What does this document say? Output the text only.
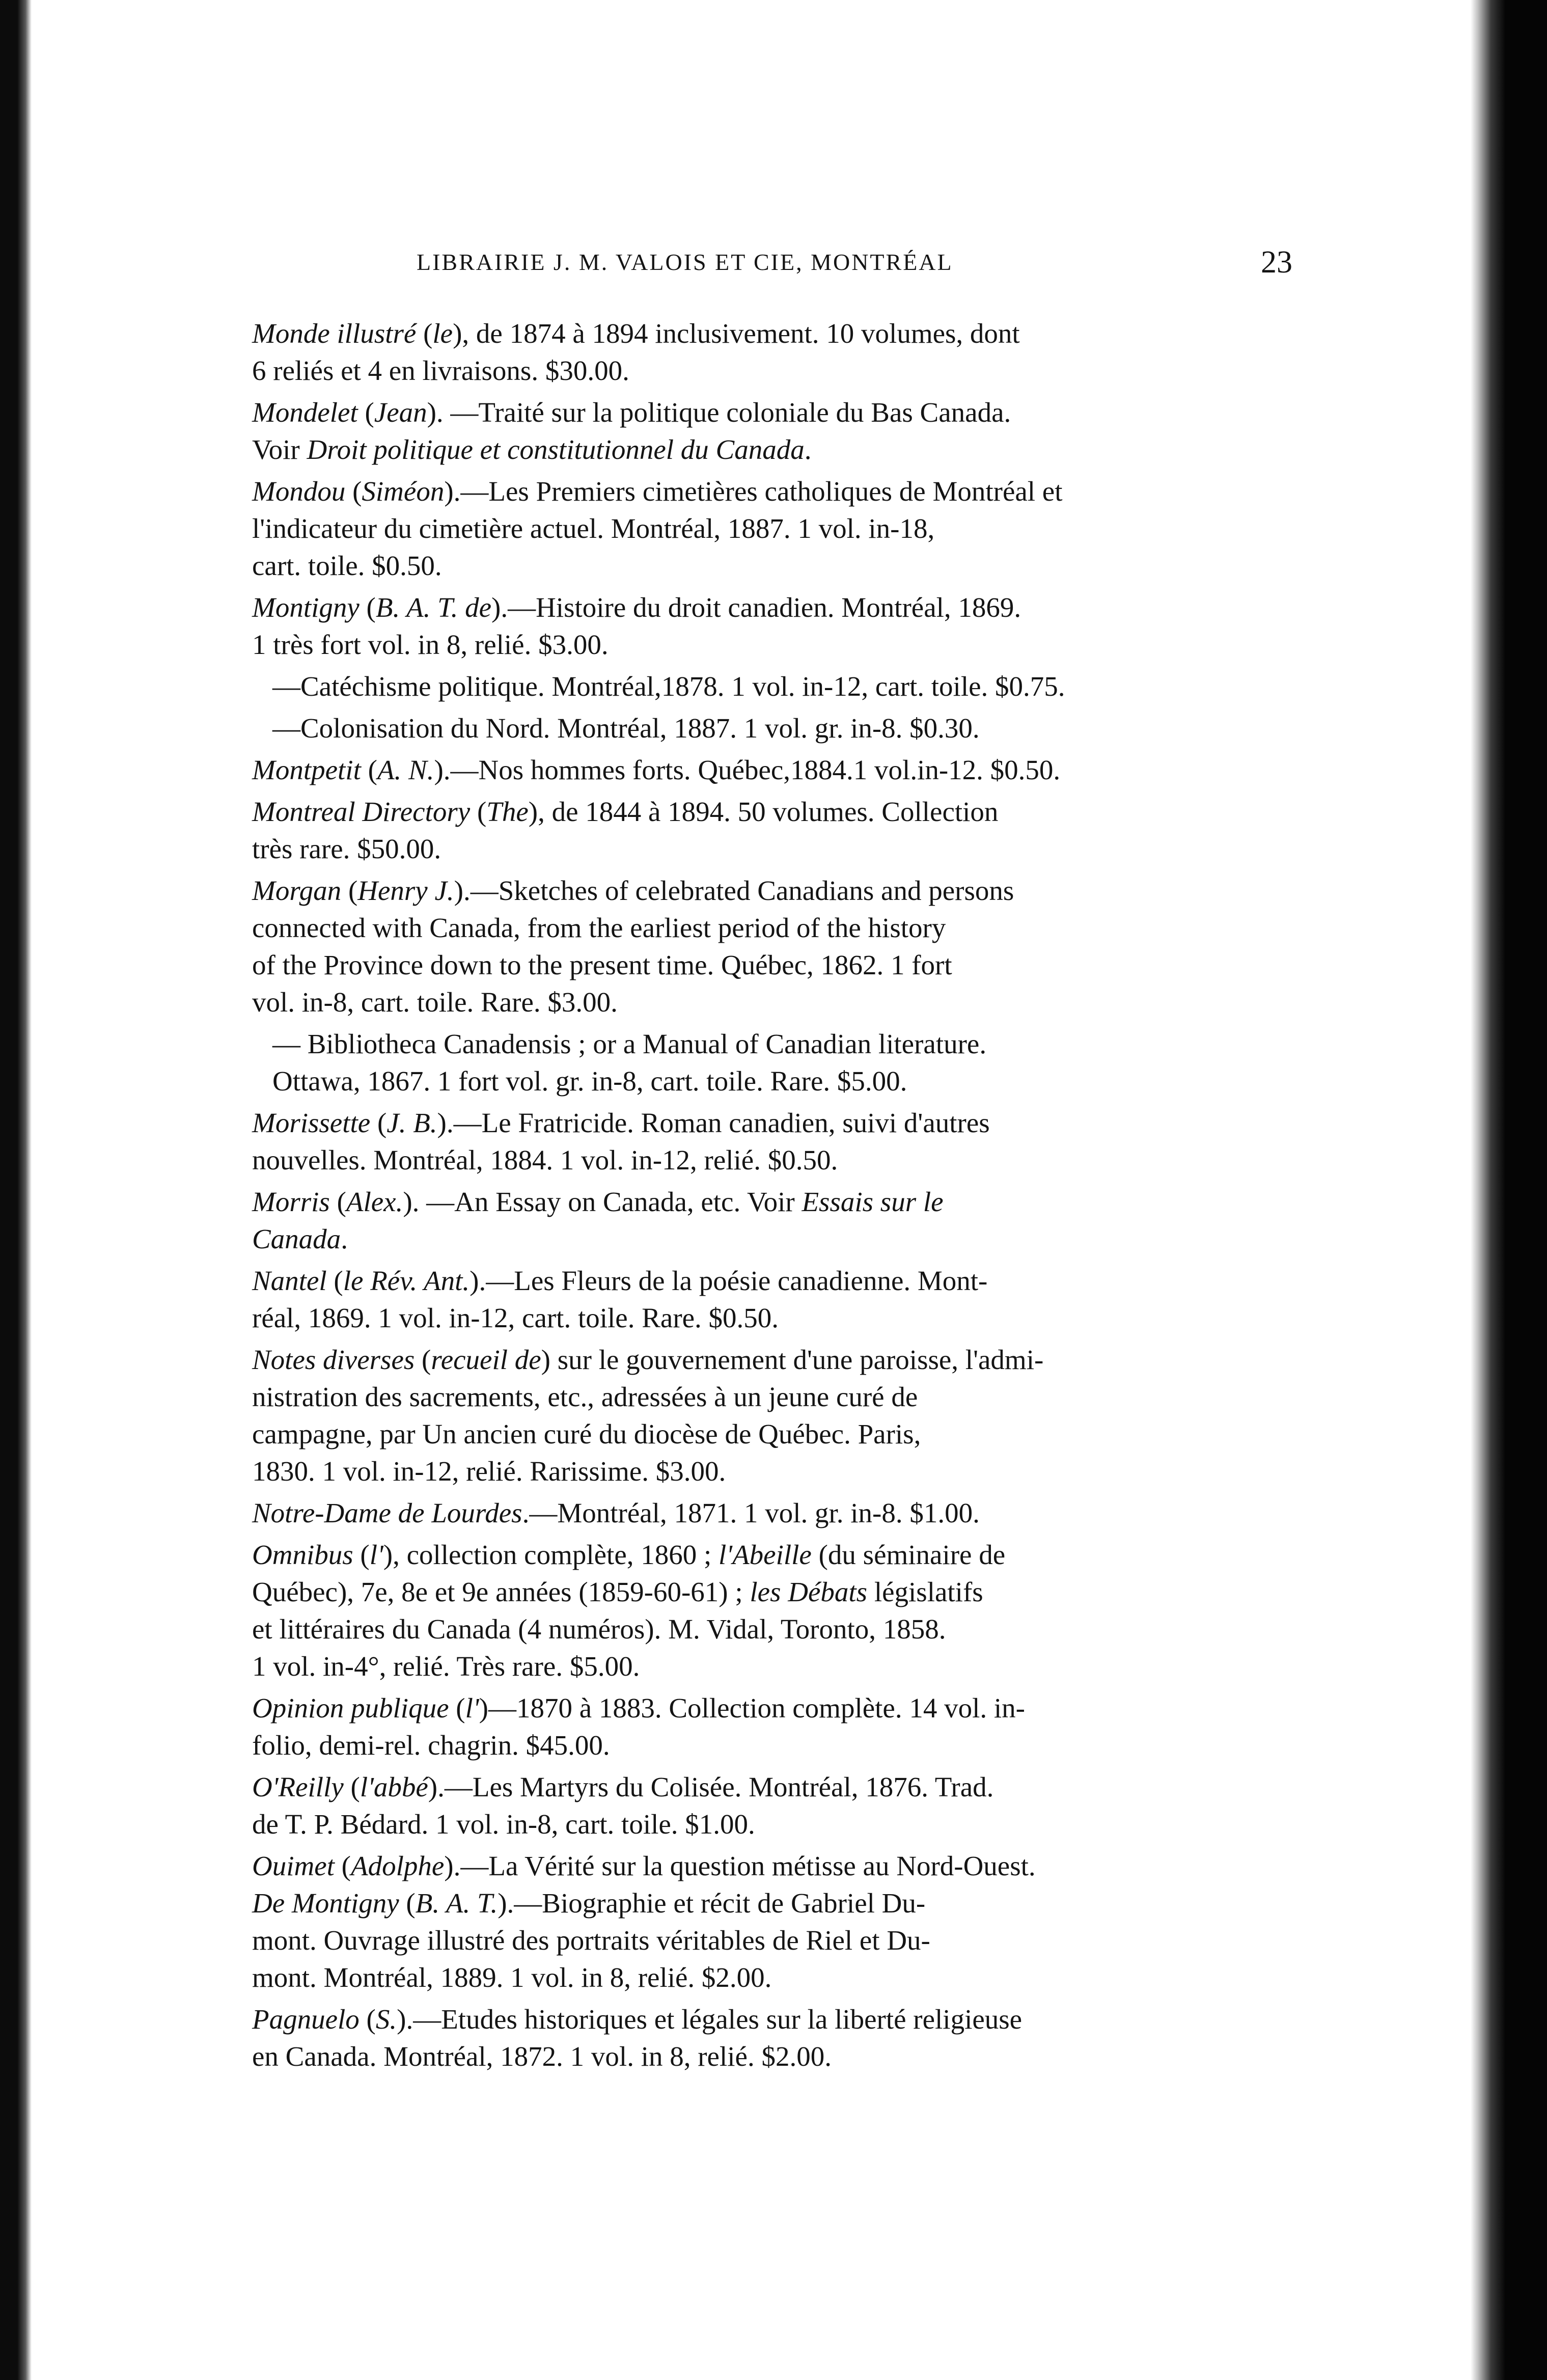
LIBRAIRIE J. M. VALOIS ET CIE, MONTRÉAL	23
Monde illustré (le), de 1874 à 1894 inclusivement. 10 volumes, dont
6 reliés et 4 en livraisons. $30.00.
Mondelet (Jean). —Traité sur la politique coloniale du Bas Canada.
Voir Droit politique et constitutionnel du Canada.
Mondou (Siméon).—Les Premiers cimetières catholiques de Montréal et
l'indicateur du cimetière actuel. Montréal, 1887. 1 vol. in-18,
cart. toile. $0.50.
Montigny (B. A. T. de).—Histoire du droit canadien. Montréal, 1869.
1 très fort vol. in 8, relié. $3.00.
—Catéchisme politique. Montréal,1878. 1 vol. in-12, cart. toile. $0.75.
—Colonisation du Nord. Montréal, 1887. 1 vol. gr. in-8. $0.30.
Montpetit (A. N.).—Nos hommes forts. Québec,1884.1 vol.in-12. $0.50.
Montreal Directory (The), de 1844 à 1894. 50 volumes. Collection
très rare. $50.00.
Morgan (Henry J.).—Sketches of celebrated Canadians and persons
connected with Canada, from the earliest period of the history
of the Province down to the present time. Québec, 1862. 1 fort
vol. in-8, cart. toile. Rare. $3.00.
— Bibliotheca Canadensis ; or a Manual of Canadian literature.
Ottawa, 1867. 1 fort vol. gr. in-8, cart. toile. Rare. $5.00.
Morissette (J. B.).—Le Fratricide. Roman canadien, suivi d'autres
nouvelles. Montréal, 1884. 1 vol. in-12, relié. $0.50.
Morris (Alex.). —An Essay on Canada, etc. Voir Essais sur le
Canada.
Nantel (le Rév. Ant.).—Les Fleurs de la poésie canadienne. Mont-
réal, 1869. 1 vol. in-12, cart. toile. Rare. $0.50.
Notes diverses (recueil de) sur le gouvernement d'une paroisse, l'admi-
nistration des sacrements, etc., adressées à un jeune curé de
campagne, par Un ancien curé du diocèse de Québec. Paris,
1830. 1 vol. in-12, relié. Rarissime. $3.00.
Notre-Dame de Lourdes.—Montréal, 1871. 1 vol. gr. in-8. $1.00.
Omnibus (l'), collection complète, 1860 ; l'Abeille (du séminaire de
Québec), 7e, 8e et 9e années (1859-60-61) ; les Débats législatifs
et littéraires du Canada (4 numéros). M. Vidal, Toronto, 1858.
1 vol. in-4°, relié. Très rare. $5.00.
Opinion publique (l')—1870 à 1883. Collection complète. 14 vol. in-
folio, demi-rel. chagrin. $45.00.
O'Reilly (l'abbé).—Les Martyrs du Colisée. Montréal, 1876. Trad.
de T. P. Bédard. 1 vol. in-8, cart. toile. $1.00.
Ouimet (Adolphe).—La Vérité sur la question métisse au Nord-Ouest.
De Montigny (B. A. T.).—Biographie et récit de Gabriel Du-
mont. Ouvrage illustré des portraits véritables de Riel et Du-
mont. Montréal, 1889. 1 vol. in 8, relié. $2.00.
Pagnuelo (S.).—Etudes historiques et légales sur la liberté religieuse
en Canada. Montréal, 1872. 1 vol. in 8, relié. $2.00.
